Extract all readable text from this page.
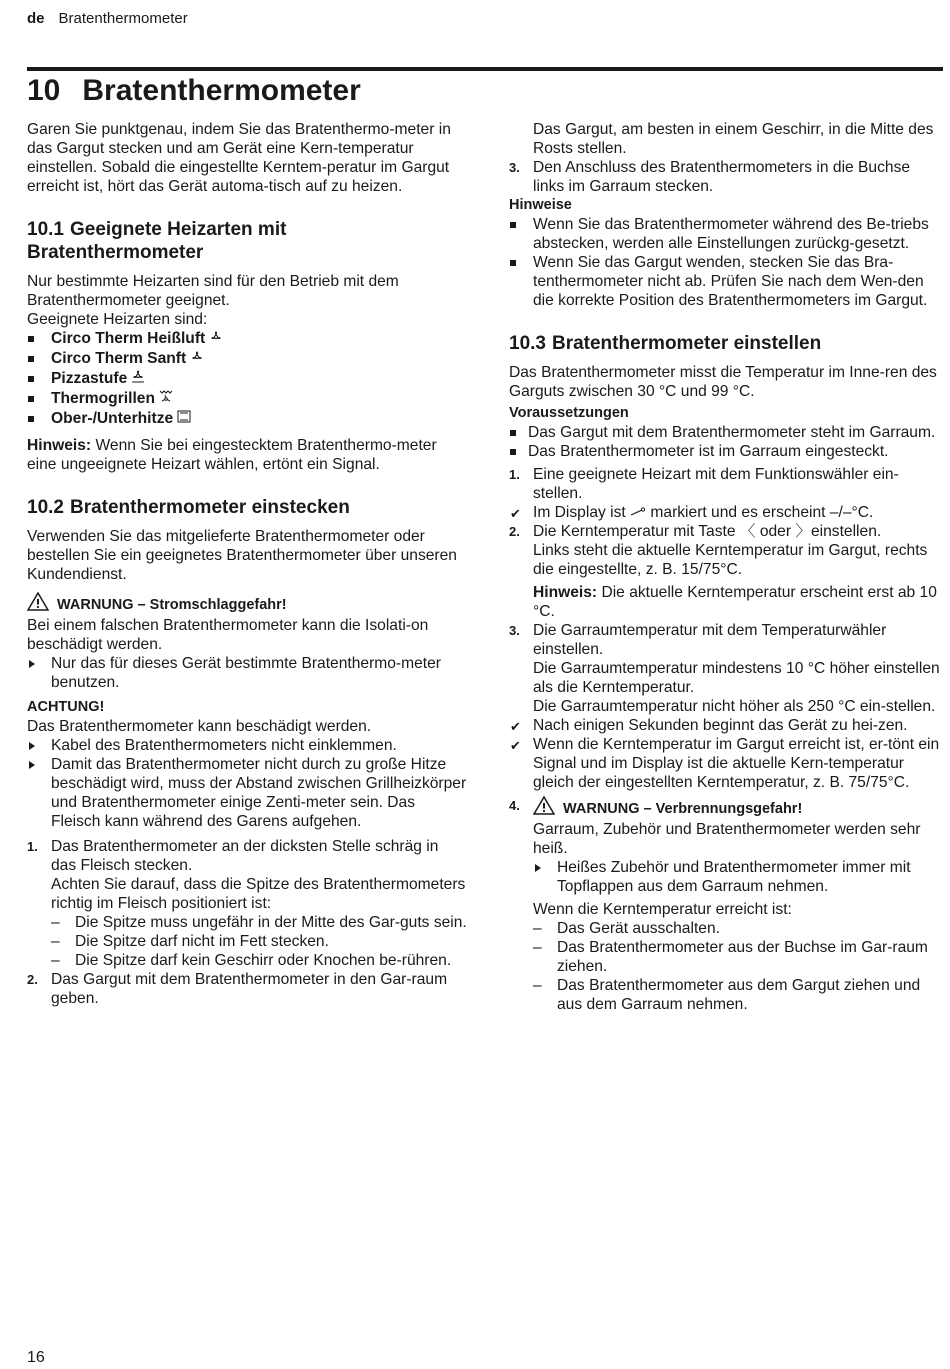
de Bratenthermometer
10 Bratenthermometer

Garen Sie punktgenau, indem Sie das Bratenthermo-meter in das Gargut stecken und am Gerät eine Kern-temperatur einstellen. Sobald die eingestellte Kerntem-peratur im Gargut erreicht ist, hört das Gerät automa-tisch auf zu heizen.

10.1 Geeignete Heizarten mit
Bratenthermometer

Nur bestimmte Heizarten sind für den Betrieb mit dem Bratenthermometer geeignet.

Geeignete Heizarten sind:

Circo Therm Heißluft
Circo Therm Sanft
Pizzastufe
Thermogrillen
Ober-/Unterhitze

Hinweis: Wenn Sie bei eingestecktem Bratenthermo-meter eine ungeeignete Heizart wählen, ertönt ein Signal.

10.2 Bratenthermometer einstecken

Verwenden Sie das mitgelieferte Bratenthermometer oder bestellen Sie ein geeignetes Bratenthermometer über unseren Kundendienst.

WARNUNG – Stromschlaggefahr!

Bei einem falschen Bratenthermometer kann die Isolati-on beschädigt werden.

Nur das für dieses Gerät bestimmte Bratenthermo-meter benutzen.

ACHTUNG!

Das Bratenthermometer kann beschädigt werden.

Kabel des Bratenthermometers nicht einklemmen.
Damit das Bratenthermometer nicht durch zu große Hitze beschädigt wird, muss der Abstand zwischen Grillheizkörper und Bratenthermometer einige Zenti-meter sein. Das Fleisch kann während des Garens aufgehen.
1. Das Bratenthermometer an der dicksten Stelle schräg in das Fleisch stecken.
Achten Sie darauf, dass die Spitze des Bratenthermometers richtig im Fleisch positioniert ist:
– Die Spitze muss ungefähr in der Mitte des Gar-guts sein.
– Die Spitze darf nicht im Fett stecken.
– Die Spitze darf kein Geschirr oder Knochen be-rühren.
2. Das Gargut mit dem Bratenthermometer in den Gar-raum geben.
Das Gargut, am besten in einem Geschirr, in die Mitte des Rosts stellen.
3. Den Anschluss des Bratenthermometers in die Buchse links im Garraum stecken.

Hinweise

Wenn Sie das Bratenthermometer während des Be-triebs abstecken, werden alle Einstellungen zurückg-gesetzt.
Wenn Sie das Gargut wenden, stecken Sie das Bra-tenthermometer nicht ab. Prüfen Sie nach dem Wen-den die korrekte Position des Bratenthermometers im Gargut.

10.3 Bratenthermometer einstellen

Das Bratenthermometer misst die Temperatur im Inne-ren des Garguts zwischen 30 °C und 99 °C.

Voraussetzungen

Das Gargut mit dem Bratenthermometer steht im Garraum.
Das Bratenthermometer ist im Garraum eingesteckt.
1. Eine geeignete Heizart mit dem Funktionswähler ein-stellen.
✔ Im Display ist markiert und es erscheint –/–°C.
2. Die Kerntemperatur mit Taste 〈 oder 〉einstellen.
Links steht die aktuelle Kerntemperatur im Gargut, rechts die eingestellte, z. B. 15/75°C.
Hinweis: Die aktuelle Kerntemperatur erscheint erst ab 10 °C.
3. Die Garraumtemperatur mit dem Temperaturwähler einstellen.
Die Garraumtemperatur mindestens 10 °C höher einstellen als die Kerntemperatur.
Die Garraumtemperatur nicht höher als 250 °C ein-stellen.
✔ Nach einigen Sekunden beginnt das Gerät zu hei-zen.
✔ Wenn die Kerntemperatur im Gargut erreicht ist, er-tönt ein Signal und im Display ist die aktuelle Kern-temperatur gleich der eingestellten Kerntemperatur, z. B. 75/75°C.
4.	WARNUNG – Verbrennungsgefahr!
Garraum, Zubehör und Bratenthermometer werden sehr heiß.
Heißes Zubehör und Bratenthermometer immer mit Topflappen aus dem Garraum nehmen.
Wenn die Kerntemperatur erreicht ist:
– Das Gerät ausschalten.
– Das Bratenthermometer aus der Buchse im Gar-raum ziehen.
– Das Bratenthermometer aus dem Gargut ziehen und aus dem Garraum nehmen.
16
